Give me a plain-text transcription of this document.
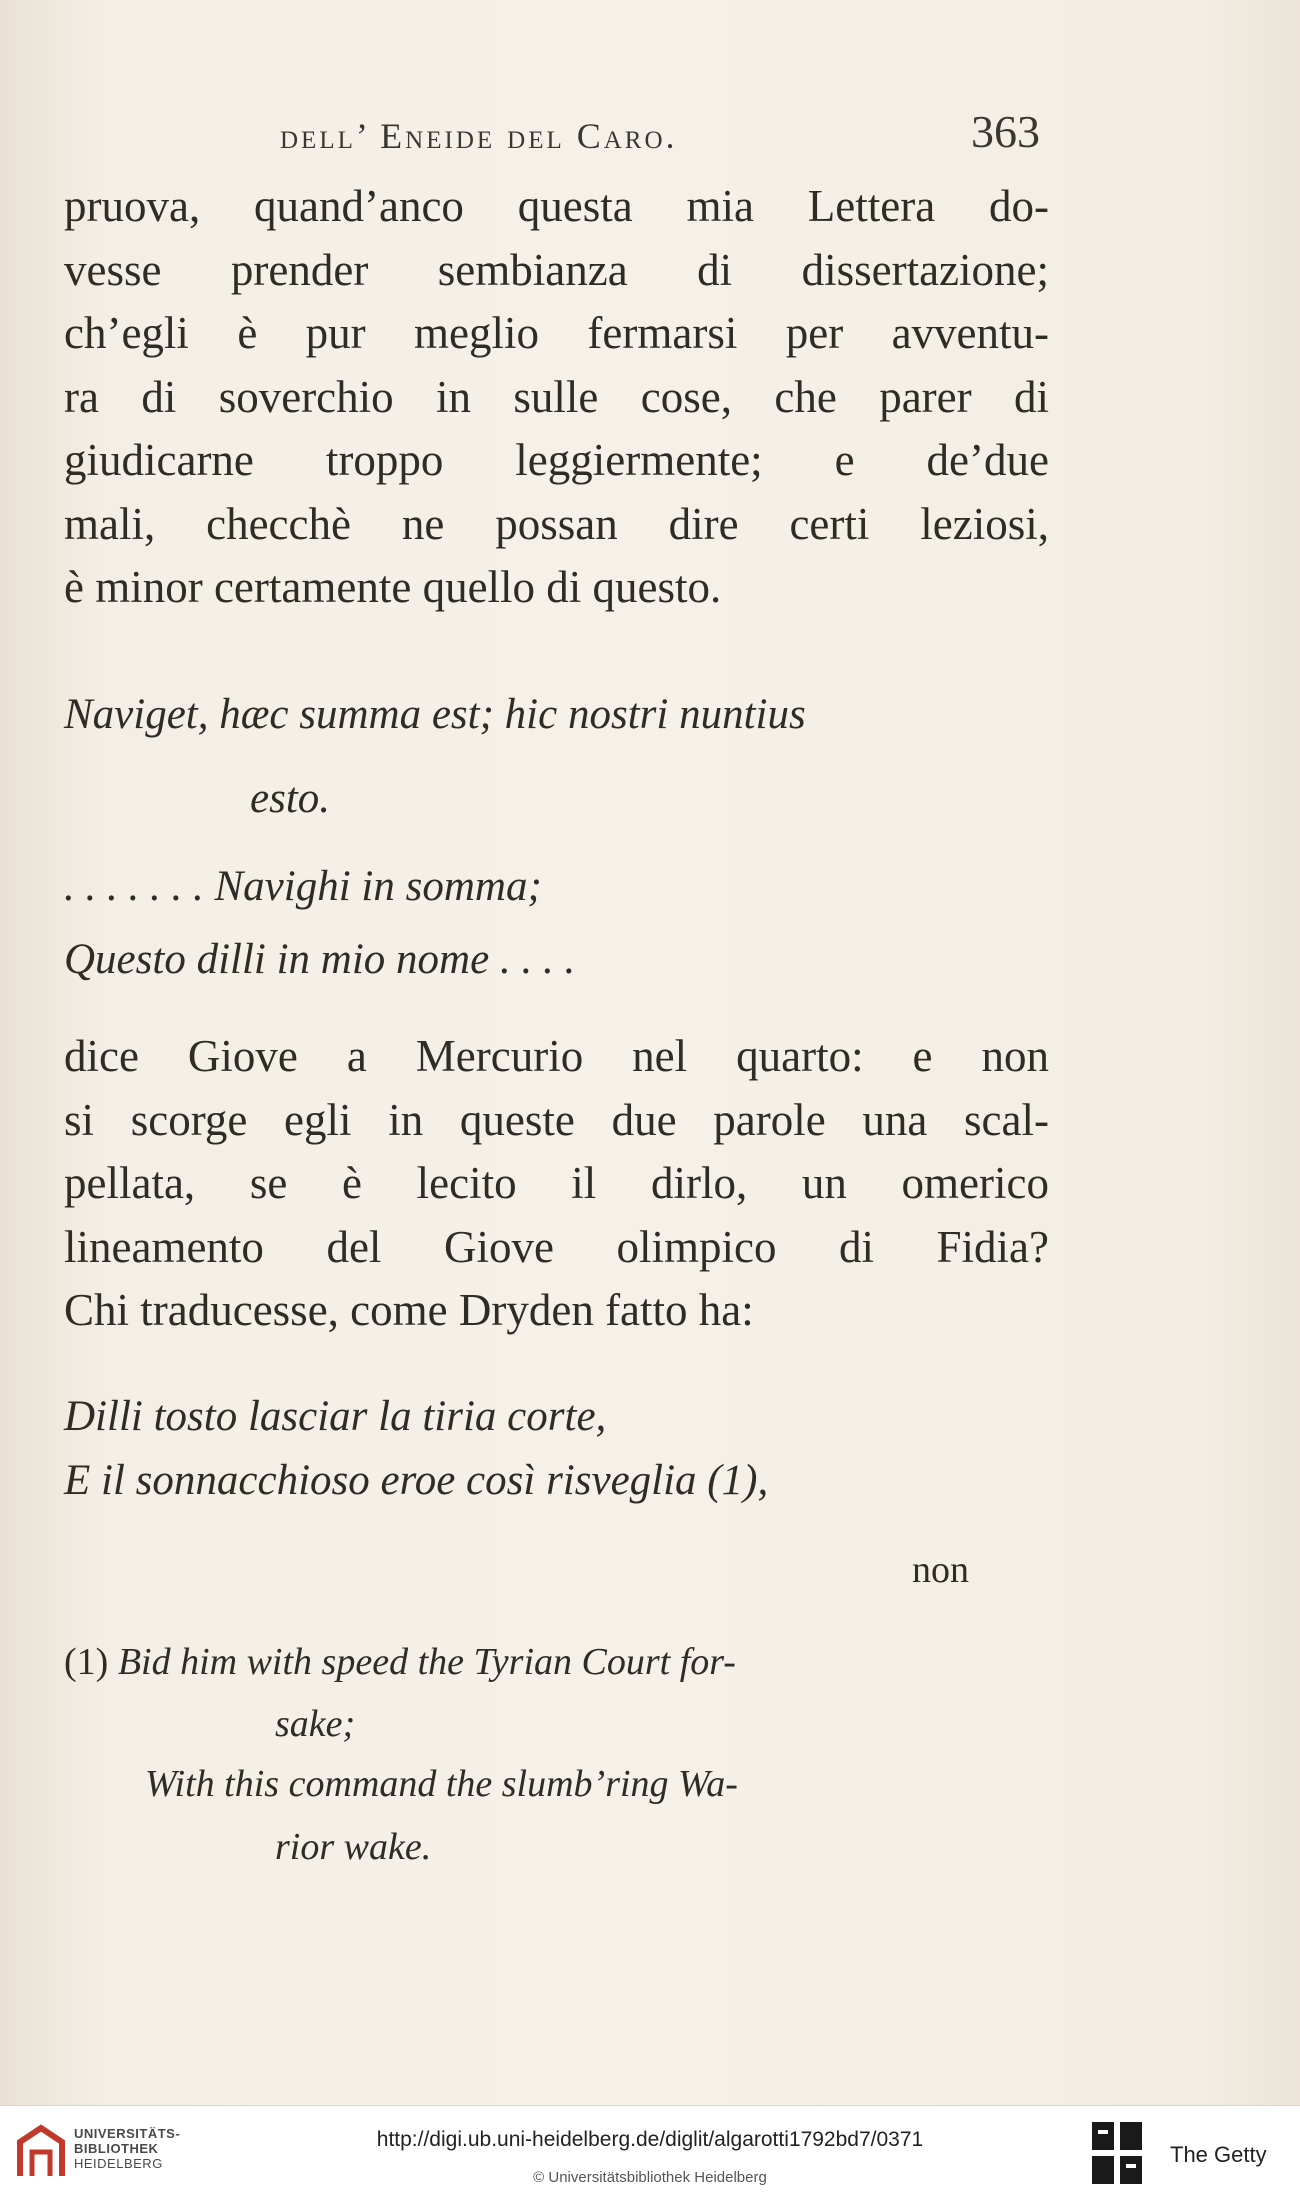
dell’ Eneide del Caro.	363
pruova, quand’anco questa mia Lettera do-
vesse prender sembianza di dissertazione;
ch’egli è pur meglio fermarsi per avventu-
ra di soverchio in sulle cose, che parer di
giudicarne troppo leggiermente; e de’due
mali, checchè ne possan dire certi leziosi,
è minor certamente quello di questo.
Naviget, hæc summa est; hic nostri nuntius
esto.
. . . . . . . Navighi in somma;
Questo dilli in mio nome . . . .
dice Giove a Mercurio nel quarto: e non
si scorge egli in queste due parole una scal-
pellata, se è lecito il dirlo, un omerico
lineamento del Giove olimpico di Fidia?
Chi traducesse, come Dryden fatto ha:
Dilli tosto lasciar la tiria corte,
E il sonnacchioso eroe così risveglia (1),
non
(1) Bid him with speed the Tyrian Court for-
sake;
With this command the slumb’ring Wa-
rior wake.
UNIVERSITÄTS-
BIBLIOTHEK
HEIDELBERG
http://digi.ub.uni-heidelberg.de/diglit/algarotti1792bd7/0371
© Universitätsbibliothek Heidelberg
The Getty
